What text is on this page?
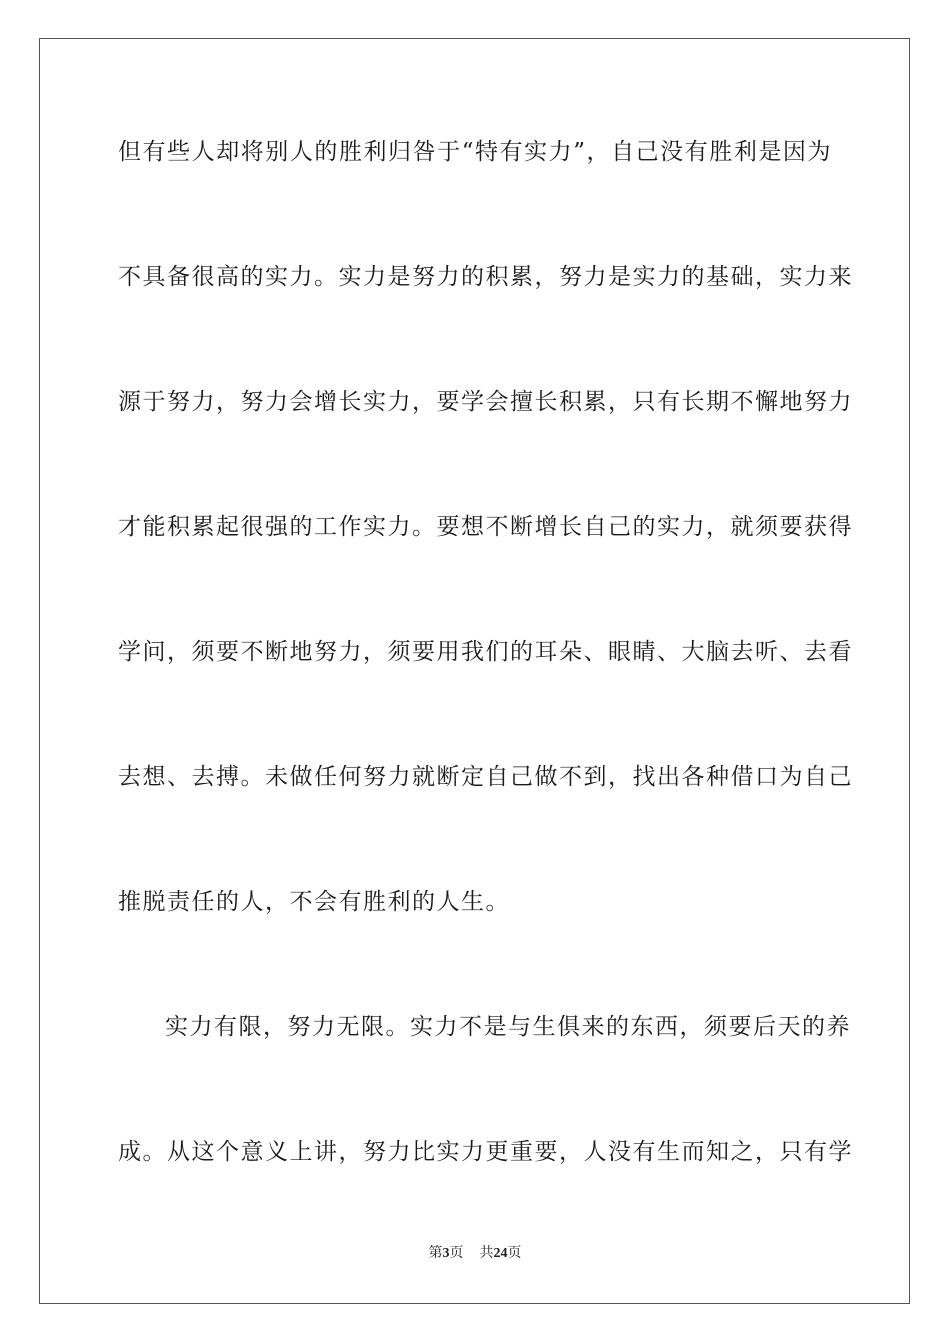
但有些人却将别人的胜利归咎于“特有实力”，自己没有胜利是因为
不具备很高的实力。实力是努力的积累，努力是实力的基础，实力来
源于努力，努力会增长实力，要学会擅长积累，只有长期不懈地努力
才能积累起很强的工作实力。要想不断增长自己的实力，就须要获得
学问，须要不断地努力，须要用我们的耳朵、眼睛、大脑去听、去看
去想、去搏。未做任何努力就断定自己做不到，找出各种借口为自己
推脱责任的人，不会有胜利的人生。
实力有限，努力无限。实力不是与生俱来的东西，须要后天的养
成。从这个意义上讲，努力比实力更重要，人没有生而知之，只有学
第3页 共24页
